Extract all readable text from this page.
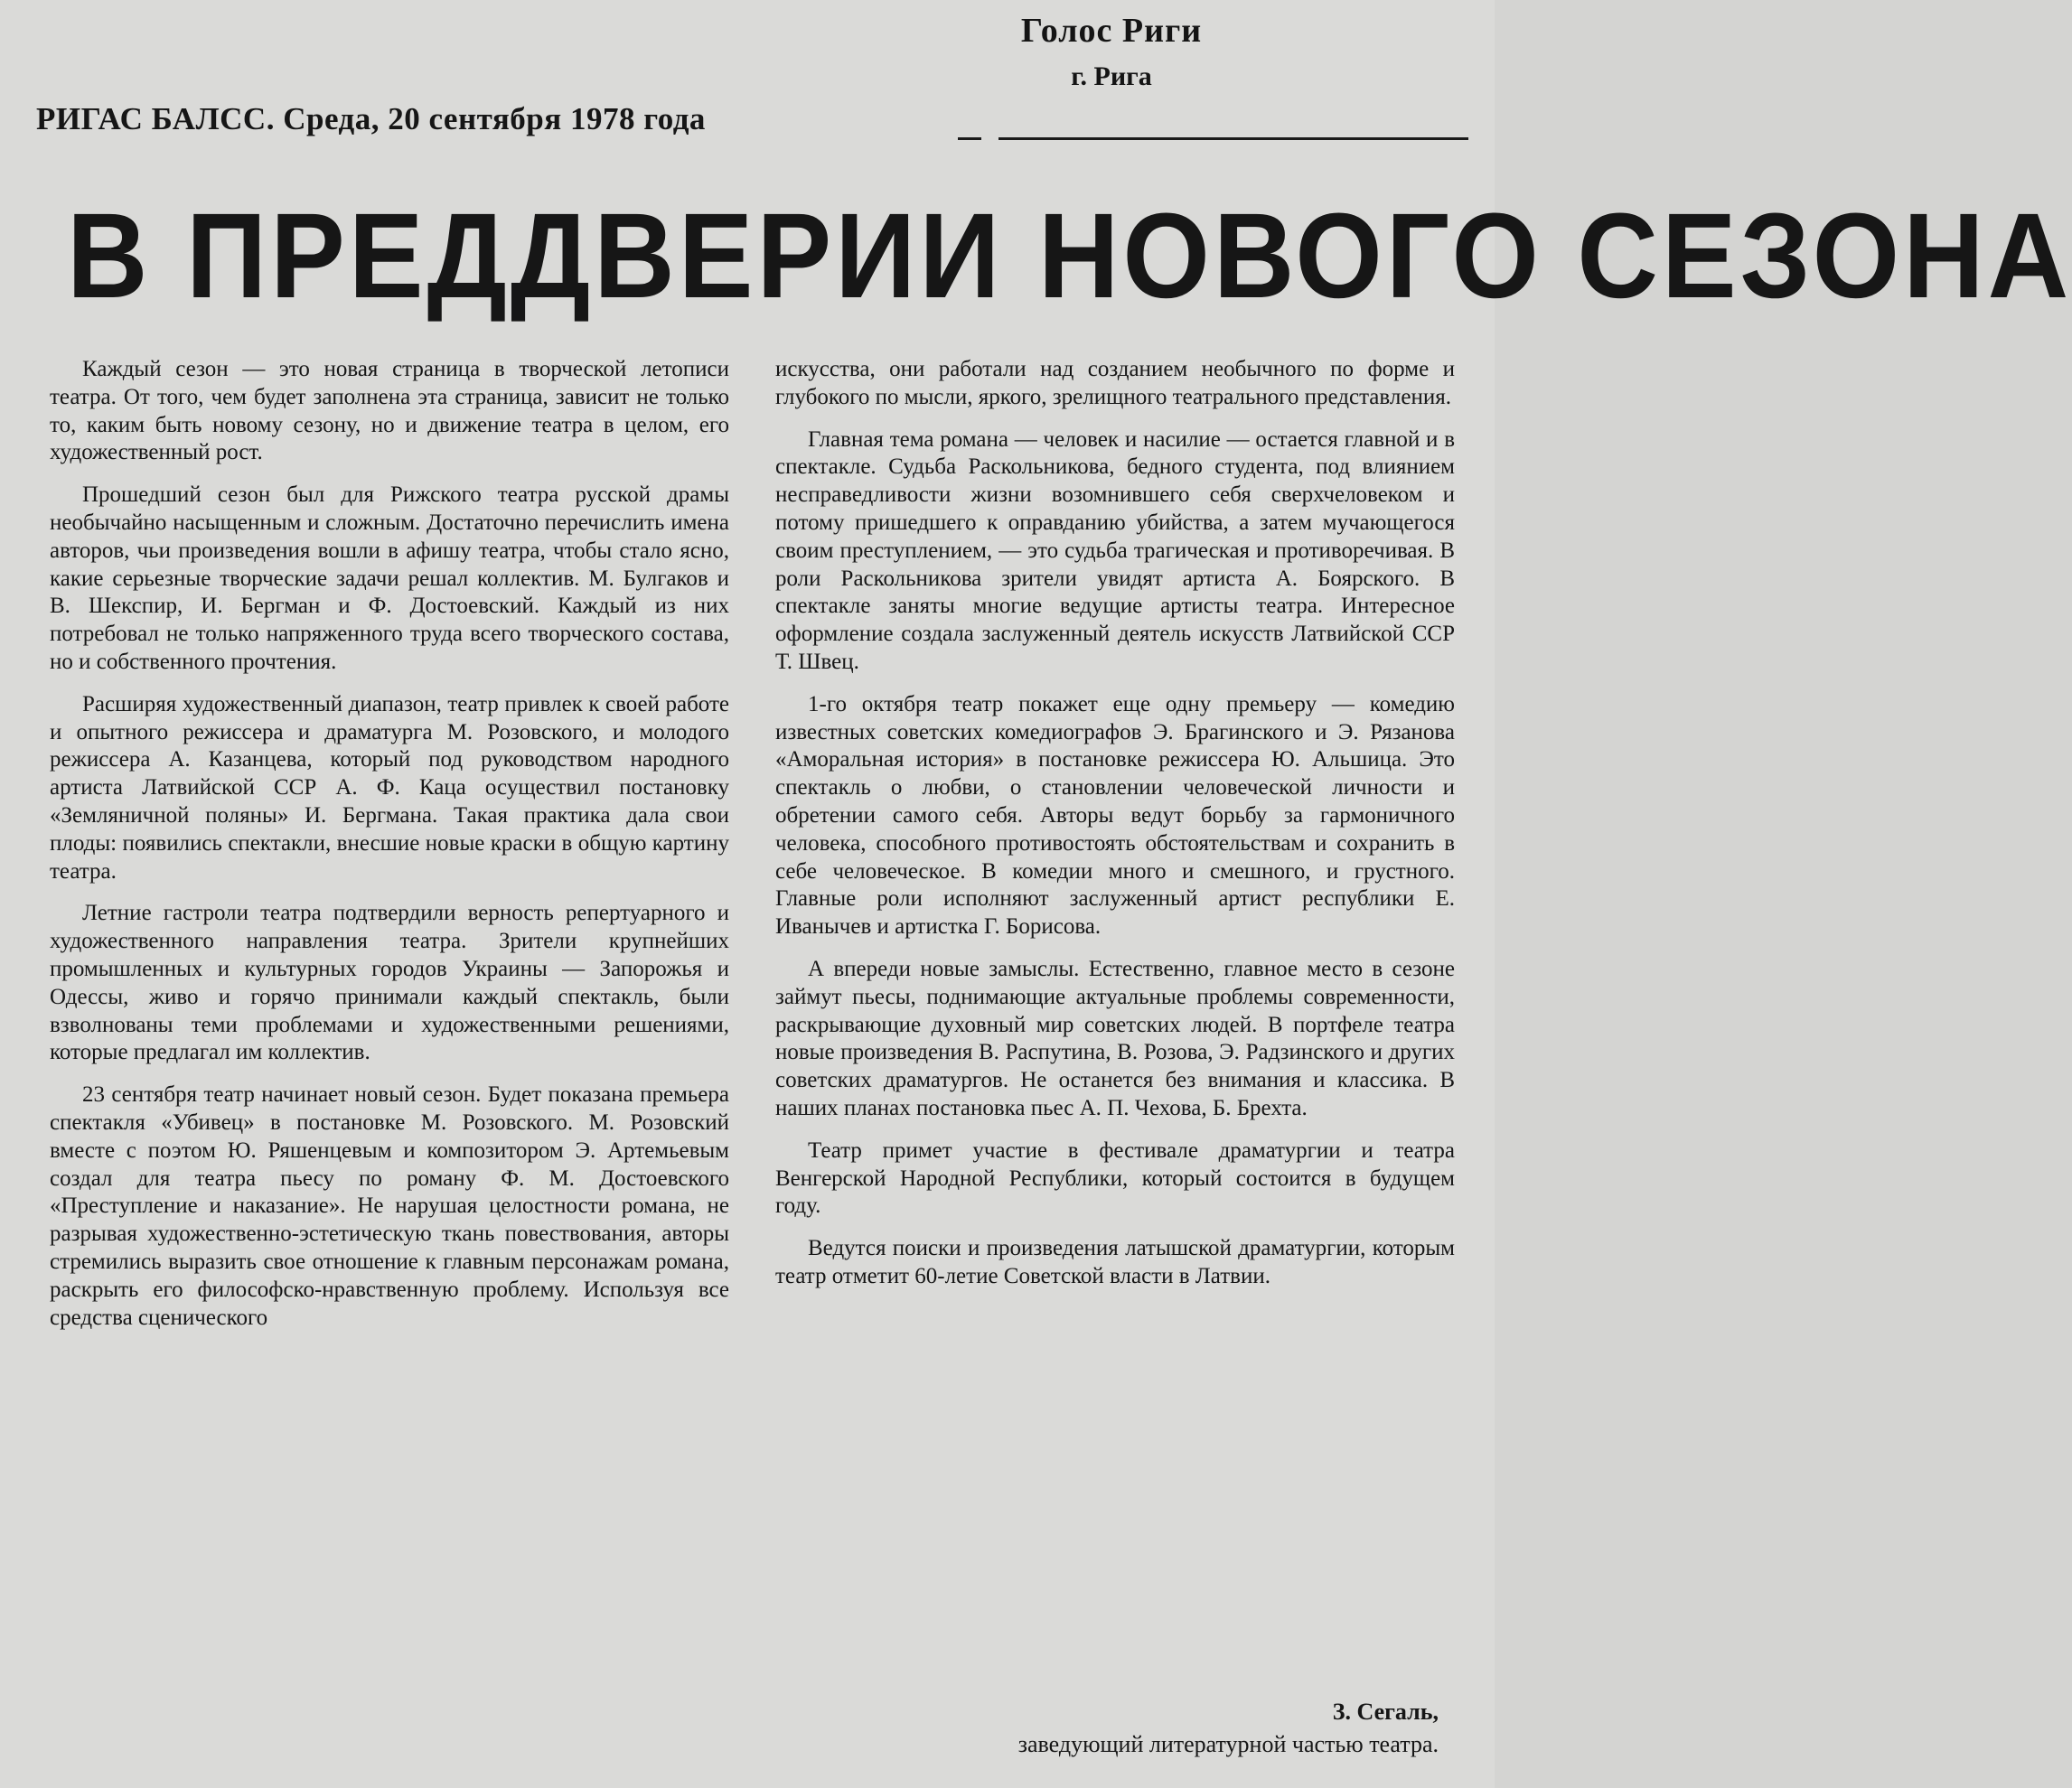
Голос Риги
г. Рига
РИГАС БАЛСС. Среда, 20 сентября 1978 года
В ПРЕДДВЕРИИ НОВОГО СЕЗОНА

Каждый сезон — это новая страница в творческой летописи театра. От того, чем будет заполнена эта страница, зависит не только то, каким быть новому сезону, но и движение театра в целом, его художественный рост.

Прошедший сезон был для Рижского театра русской драмы необычайно насыщенным и сложным. Достаточно перечислить имена авторов, чьи произведения вошли в афишу театра, чтобы стало ясно, какие серьезные творческие задачи решал коллектив. М. Булгаков и В. Шекспир, И. Бергман и Ф. Достоевский. Каждый из них потребовал не только напряженного труда всего творческого состава, но и собственного прочтения.

Расширяя художественный диапазон, театр привлек к своей работе и опытного режиссера и драматурга М. Розовского, и молодого режиссера А. Казанцева, который под руководством народного артиста Латвийской ССР А. Ф. Каца осуществил постановку «Земляничной поляны» И. Бергмана. Такая практика дала свои плоды: появились спектакли, внесшие новые краски в общую картину театра.

Летние гастроли театра подтвердили верность репертуарного и художественного направления театра. Зрители крупнейших промышленных и культурных городов Украины — Запорожья и Одессы, живо и горячо принимали каждый спектакль, были взволнованы теми проблемами и художественными решениями, которые предлагал им коллектив.

23 сентября театр начинает новый сезон. Будет показана премьера спектакля «Убивец» в постановке М. Розовского. М. Розовский вместе с поэтом Ю. Ряшенцевым и композитором Э. Артемьевым создал для театра пьесу по роману Ф. М. Достоевского «Преступление и наказание». Не нарушая целостности романа, не разрывая художественно-эстетическую ткань повествования, авторы стремились выразить свое отношение к главным персонажам романа, раскрыть его философско-нравственную проблему. Используя все средства сценического

искусства, они работали над созданием необычного по форме и глубокого по мысли, яркого, зрелищного театрального представления.

Главная тема романа — человек и насилие — остается главной и в спектакле. Судьба Раскольникова, бедного студента, под влиянием несправедливости жизни возомнившего себя сверхчеловеком и потому пришедшего к оправданию убийства, а затем мучающегося своим преступлением, — это судьба трагическая и противоречивая. В роли Раскольникова зрители увидят артиста А. Боярского. В спектакле заняты многие ведущие артисты театра. Интересное оформление создала заслуженный деятель искусств Латвийской ССР Т. Швец.

1-го октября театр покажет еще одну премьеру — комедию известных советских комедиографов Э. Брагинского и Э. Рязанова «Аморальная история» в постановке режиссера Ю. Альшица. Это спектакль о любви, о становлении человеческой личности и обретении самого себя. Авторы ведут борьбу за гармоничного человека, способного противостоять обстоятельствам и сохранить в себе человеческое. В комедии много и смешного, и грустного. Главные роли исполняют заслуженный артист республики Е. Иванычев и артистка Г. Борисова.

А впереди новые замыслы. Естественно, главное место в сезоне займут пьесы, поднимающие актуальные проблемы современности, раскрывающие духовный мир советских людей. В портфеле театра новые произведения В. Распутина, В. Розова, Э. Радзинского и других советских драматургов. Не останется без внимания и классика. В наших планах постановка пьес А. П. Чехова, Б. Брехта.

Театр примет участие в фестивале драматургии и театра Венгерской Народной Республики, который состоится в будущем году.

Ведутся поиски и произведения латышской драматургии, которым театр отметит 60-летие Советской власти в Латвии.

З. Сегаль,
заведующий литературной частью театра.
